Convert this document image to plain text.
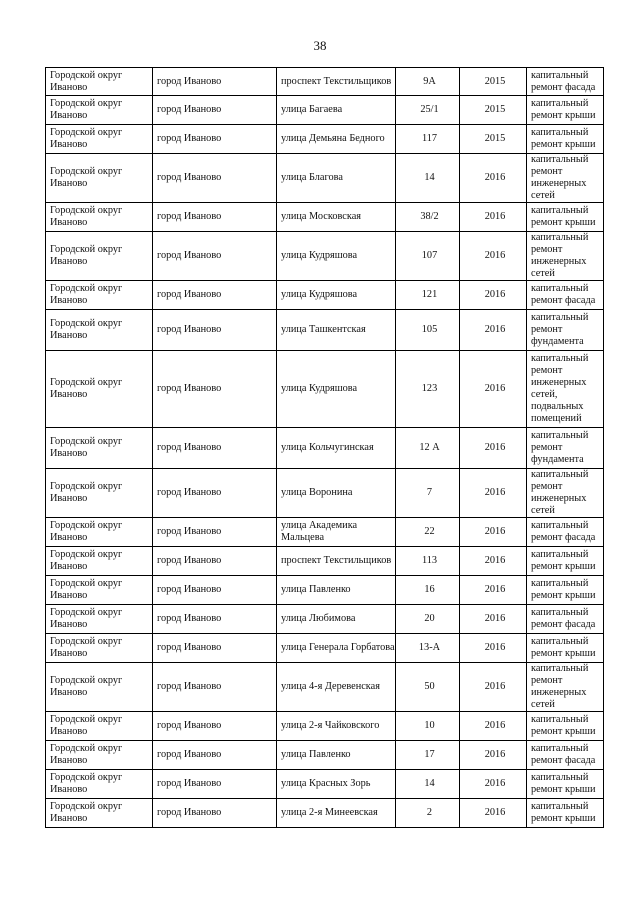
38
Городской округ Иваново	город Иваново	проспект Текстильщиков	9А	2015	капитальный ремонт фасада
Городской округ Иваново	город Иваново	улица Багаева	25/1	2015	капитальный ремонт крыши
Городской округ Иваново	город Иваново	улица Демьяна Бедного	117	2015	капитальный ремонт крыши
Городской округ Иваново	город Иваново	улица Благова	14	2016	капитальный ремонт инженерных сетей
Городской округ Иваново	город Иваново	улица Московская	38/2	2016	капитальный ремонт крыши
Городской округ Иваново	город Иваново	улица Кудряшова	107	2016	капитальный ремонт инженерных сетей
Городской округ Иваново	город Иваново	улица Кудряшова	121	2016	капитальный ремонт фасада
Городской округ Иваново	город Иваново	улица Ташкентская	105	2016	капитальный ремонт фундамента
Городской округ Иваново	город Иваново	улица Кудряшова	123	2016	капитальный ремонт инженерных сетей, подвальных помещений
Городской округ Иваново	город Иваново	улица Кольчугинская	12 А	2016	капитальный ремонт фундамента
Городской округ Иваново	город Иваново	улица Воронина	7	2016	капитальный ремонт инженерных сетей
Городской округ Иваново	город Иваново	улица Академика Мальцева	22	2016	капитальный ремонт фасада
Городской округ Иваново	город Иваново	проспект Текстильщиков	113	2016	капитальный ремонт крыши
Городской округ Иваново	город Иваново	улица Павленко	16	2016	капитальный ремонт крыши
Городской округ Иваново	город Иваново	улица Любимова	20	2016	капитальный ремонт фасада
Городской округ Иваново	город Иваново	улица Генерала Горбатова	13-А	2016	капитальный ремонт крыши
Городской округ Иваново	город Иваново	улица 4-я Деревенская	50	2016	капитальный ремонт инженерных сетей
Городской округ Иваново	город Иваново	улица 2-я Чайковского	10	2016	капитальный ремонт крыши
Городской округ Иваново	город Иваново	улица Павленко	17	2016	капитальный ремонт фасада
Городской округ Иваново	город Иваново	улица Красных Зорь	14	2016	капитальный ремонт крыши
Городской округ Иваново	город Иваново	улица 2-я Минеевская	2	2016	капитальный ремонт крыши
